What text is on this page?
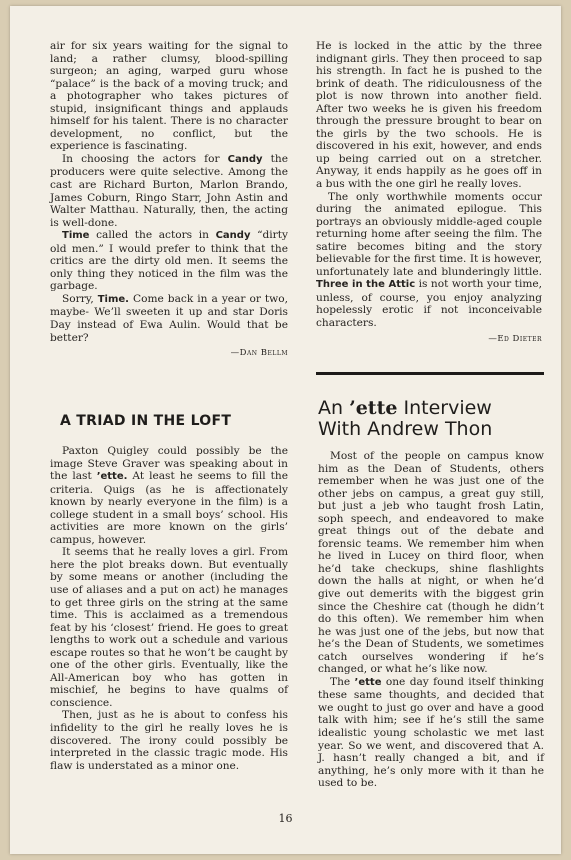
air for six years waiting for the signal to land; a rather clumsy, blood-spilling surgeon; an aging, warped guru whose “palace” is the back of a moving truck; and a photographer who takes pictures of stupid, insignificant things and applauds himself for his talent. There is no character development, no conflict, but the experience is fascinating.

In choosing the actors for Candy the producers were quite selective. Among the cast are Richard Burton, Marlon Brando, James Coburn, Ringo Starr, John Astin and Walter Matthau. Naturally, then, the acting is well-done.

Time called the actors in Candy “dirty old men.” I would prefer to think that the critics are the dirty old men. It seems the only thing they noticed in the film was the garbage.

Sorry, Time. Come back in a year or two, maybe- We’ll sweeten it up and star Doris Day instead of Ewa Aulin. Would that be better?

—Dan Bellm

He is locked in the attic by the three indignant girls. They then proceed to sap his strength. In fact he is pushed to the brink of death. The ridiculousness of the plot is now thrown into another field. After two weeks he is given his freedom through the pressure brought to bear on the girls by the two schools. He is discovered in his exit, however, and ends up being carried out on a stretcher. Anyway, it ends happily as he goes off in a bus with the one girl he really loves.

The only worthwhile moments occur during the animated epilogue. This portrays an obviously middle-aged couple returning home after seeing the film. The satire becomes biting and the story believable for the first time. It is however, unfortunately late and blunderingly little. Three in the Attic is not worth your time, unless, of course, you enjoy analyzing hopelessly erotic if not inconceivable characters.

—Ed Dieter
A TRIAD IN THE LOFT
An ’ette Interview
With Andrew Thon

Paxton Quigley could possibly be the image Steve Graver was speaking about in the last ’ette. At least he seems to fill the criteria. Quigs (as he is affectionately known by nearly everyone in the film) is a college student in a small boys’ school. His activities are more known on the girls’ campus, however.

It seems that he really loves a girl. From here the plot breaks down. But eventually by some means or another (including the use of aliases and a put on act) he manages to get three girls on the string at the same time. This is acclaimed as a tremendous feat by his ‘closest’ friend. He goes to great lengths to work out a schedule and various escape routes so that he won’t be caught by one of the other girls. Eventually, like the All-American boy who has gotten in mischief, he begins to have qualms of conscience.

Then, just as he is about to confess his infidelity to the girl he really loves he is discovered. The irony could possibly be interpreted in the classic tragic mode. His flaw is understated as a minor one.

Most of the people on campus know him as the Dean of Students, others remember when he was just one of the other jebs on campus, a great guy still, but just a jeb who taught frosh Latin, soph speech, and endeavored to make great things out of the debate and forensic teams. We remember him when he lived in Lucey on third floor, when he’d take checkups, shine flashlights down the halls at night, or when he’d give out demerits with the biggest grin since the Cheshire cat (though he didn’t do this often). We remember him when he was just one of the jebs, but now that he’s the Dean of Students, we sometimes catch ourselves wondering if he’s changed, or what he’s like now.

The ’ette one day found itself thinking these same thoughts, and decided that we ought to just go over and have a good talk with him; see if he’s still the same idealistic young scholastic we met last year. So we went, and discovered that A. J. hasn’t really changed a bit, and if anything, he’s only more with it than he used to be.

16
